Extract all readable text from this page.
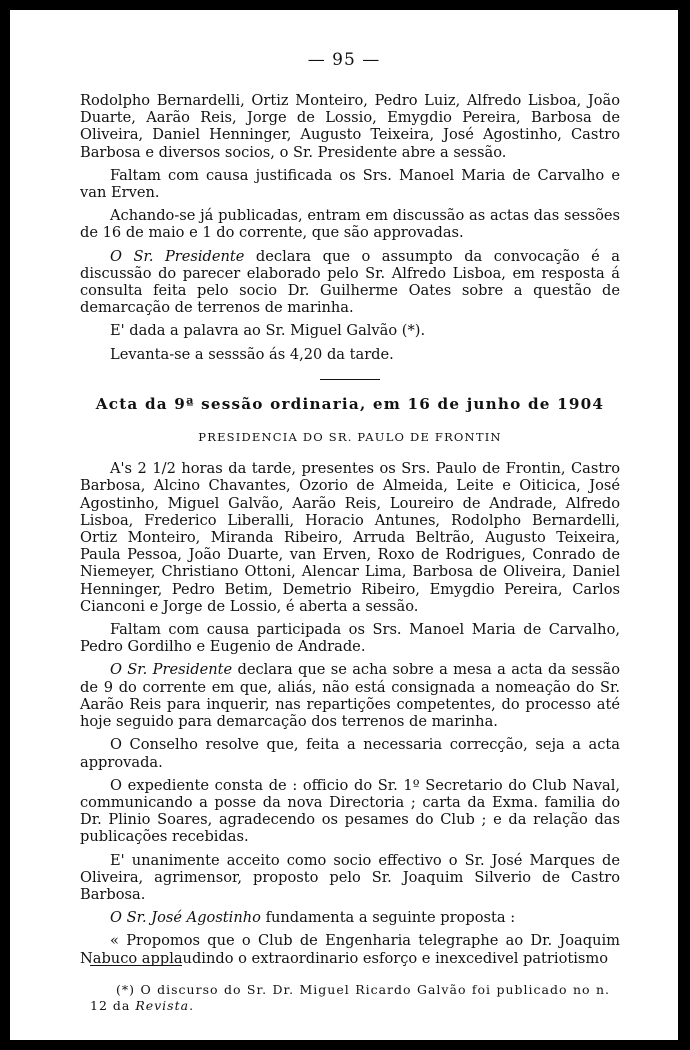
— 95 —

Rodolpho Bernardelli, Ortiz Monteiro, Pedro Luiz, Alfredo Lisboa, João Duarte, Aarão Reis, Jorge de Lossio, Emygdio Pereira, Barbosa de Oliveira, Daniel Henninger, Augusto Teixeira, José Agostinho, Castro Barbosa e diversos socios, o Sr. Presidente abre a sessão.

Faltam com causa justificada os Srs. Manoel Maria de Carvalho e van Erven.

Achando-se já publicadas, entram em discussão as actas das sessões de 16 de maio e 1 do corrente, que são approvadas.

O Sr. Presidente declara que o assumpto da convocação é a discussão do parecer elaborado pelo Sr. Alfredo Lisboa, em resposta á consulta feita pelo socio Dr. Guilherme Oates sobre a questão de demarcação de terrenos de marinha.

E' dada a palavra ao Sr. Miguel Galvão (*).

Levanta-se a sesssão ás 4,20 da tarde.

Acta da 9ª sessão ordinaria, em 16 de junho de 1904
PRESIDENCIA DO SR. PAULO DE FRONTIN

A's 2 1/2 horas da tarde, presentes os Srs. Paulo de Frontin, Castro Barbosa, Alcino Chavantes, Ozorio de Almeida, Leite e Oiticica, José Agostinho, Miguel Galvão, Aarão Reis, Loureiro de Andrade, Alfredo Lisboa, Frederico Liberalli, Horacio Antunes, Rodolpho Bernardelli, Ortiz Monteiro, Miranda Ribeiro, Arruda Beltrão, Augusto Teixeira, Paula Pessoa, João Duarte, van Erven, Roxo de Rodrigues, Conrado de Niemeyer, Christiano Ottoni, Alencar Lima, Barbosa de Oliveira, Daniel Henninger, Pedro Betim, Demetrio Ribeiro, Emygdio Pereira, Carlos Cianconi e Jorge de Lossio, é aberta a sessão.

Faltam com causa participada os Srs. Manoel Maria de Carvalho, Pedro Gordilho e Eugenio de Andrade.

O Sr. Presidente declara que se acha sobre a mesa a acta da sessão de 9 do corrente em que, aliás, não está consignada a nomeação do Sr. Aarão Reis para inquerir, nas repartições competentes, do processo até hoje seguido para demarcação dos terrenos de marinha.

O Conselho resolve que, feita a necessaria correcção, seja a acta approvada.

O expediente consta de : officio do Sr. 1º Secretario do Club Naval, communicando a posse da nova Directoria ; carta da Exma. familia do Dr. Plinio Soares, agradecendo os pesames do Club ; e da relação das publicações recebidas.

E' unanimente acceito como socio effectivo o Sr. José Marques de Oliveira, agrimensor, proposto pelo Sr. Joaquim Silverio de Castro Barbosa.

O Sr. José Agostinho fundamenta a seguinte proposta :

« Propomos que o Club de Engenharia telegraphe ao Dr. Joaquim Nabuco applaudindo o extraordinario esforço e inexcedivel patriotismo

(*) O discurso do Sr. Dr. Miguel Ricardo Galvão foi publicado no n. 12 da Revista.
